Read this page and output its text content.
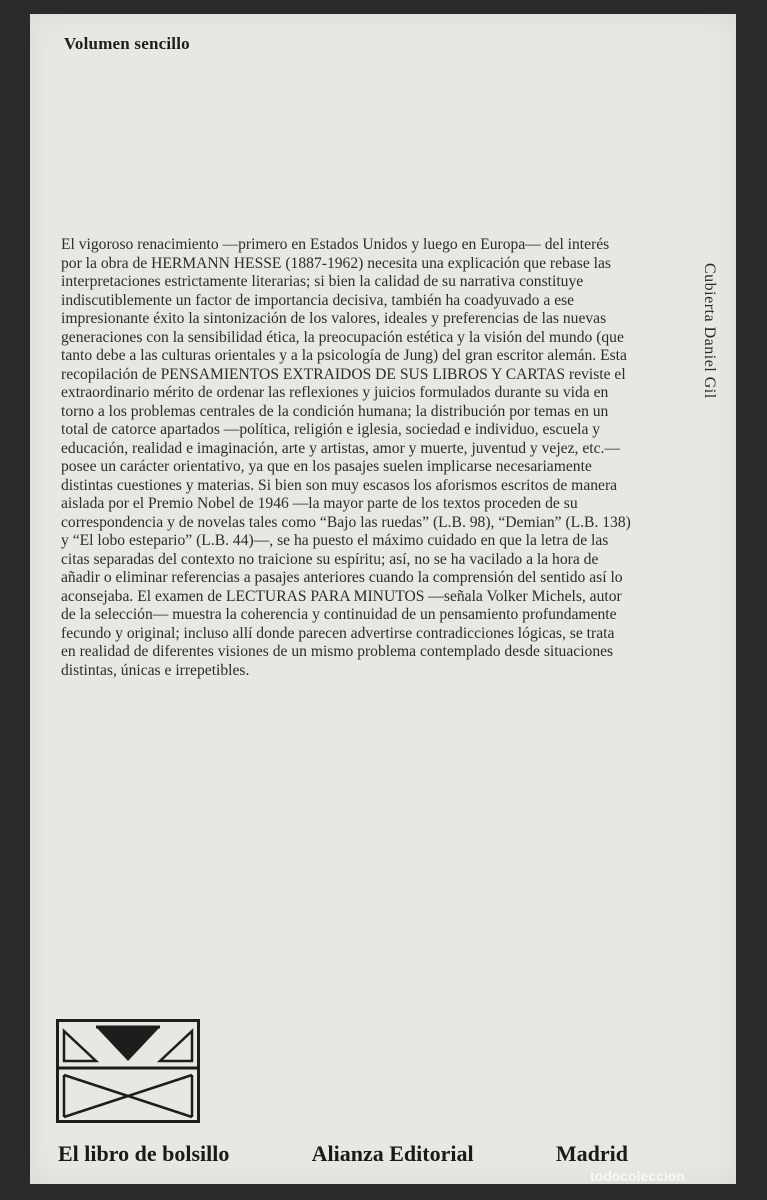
Volumen sencillo
Cubierta Daniel Gil

El vigoroso renacimiento —primero en Estados Unidos y luego en Europa— del interés por la obra de HERMANN HESSE (1887-1962) necesita una explicación que rebase las interpretaciones estrictamente literarias; si bien la calidad de su narrativa constituye indiscutiblemente un factor de importancia decisiva, también ha coadyuvado a ese impresionante éxito la sintonización de los valores, ideales y preferencias de las nuevas generaciones con la sensibilidad ética, la preocupación estética y la visión del mundo (que tanto debe a las culturas orientales y a la psicología de Jung) del gran escritor alemán. Esta recopilación de PENSAMIENTOS EXTRAIDOS DE SUS LIBROS Y CARTAS reviste el extraordinario mérito de ordenar las reflexiones y juicios formulados durante su vida en torno a los problemas centrales de la condición humana; la distribución por temas en un total de catorce apartados —política, religión e iglesia, sociedad e individuo, escuela y educación, realidad e imaginación, arte y artistas, amor y muerte, juventud y vejez, etc.— posee un carácter orientativo, ya que en los pasajes suelen implicarse necesariamente distintas cuestiones y materias. Si bien son muy escasos los aforismos escritos de manera aislada por el Premio Nobel de 1946 —la mayor parte de los textos proceden de su correspondencia y de novelas tales como “Bajo las ruedas” (L.B. 98), “Demian” (L.B. 138) y “El lobo estepario” (L.B. 44)—, se ha puesto el máximo cuidado en que la letra de las citas separadas del contexto no traicione su espíritu; así, no se ha vacilado a la hora de añadir o eliminar referencias a pasajes anteriores cuando la comprensión del sentido así lo aconsejaba. El examen de LECTURAS PARA MINUTOS —señala Volker Michels, autor de la selección— muestra la coherencia y continuidad de un pensamiento profundamente fecundo y original; incluso allí donde parecen advertirse contradicciones lógicas, se trata en realidad de diferentes visiones de un mismo problema contemplado desde situaciones distintas, únicas e irrepetibles.

El libro de bolsillo	Alianza Editorial	Madrid
todocoleccion
